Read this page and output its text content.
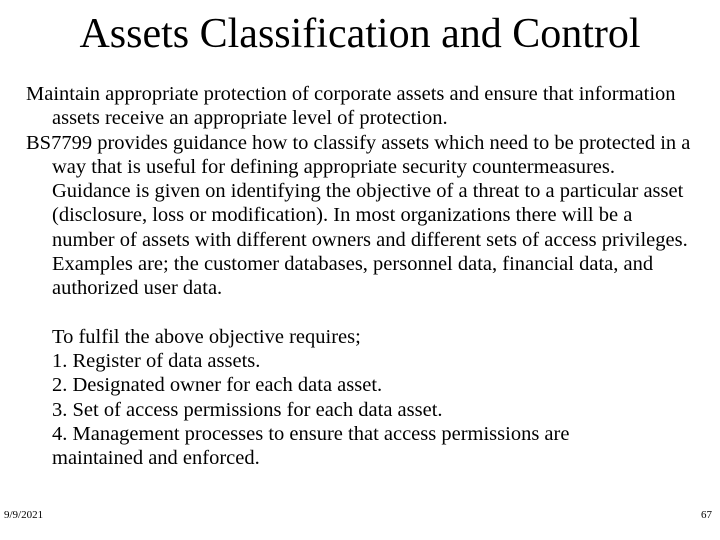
Assets Classification and Control

Maintain appropriate protection of corporate assets and ensure that information assets receive an appropriate level of protection.

BS7799 provides guidance how to classify assets which need to be protected in a way that is useful for defining appropriate security countermeasures. Guidance is given on identifying the objective of a threat to a particular asset (disclosure, loss or modification). In most organizations there will be a number of assets with different owners and different sets of access privileges. Examples are; the customer databases, personnel data, financial data, and authorized user data.

To fulfil the above objective requires;
1. Register of data assets.
2. Designated owner for each data asset.
3. Set of access permissions for each data asset.
4. Management processes to ensure that access permissions are
maintained and enforced.
9/9/2021	67
